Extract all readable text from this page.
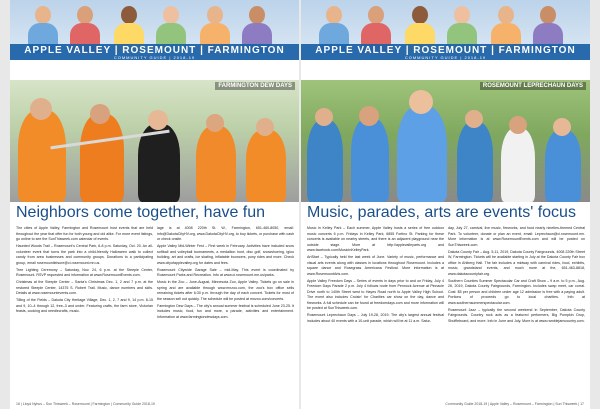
APPLE VALLEY | ROSEMOUNT | FARMINGTON
COMMUNITY GUIDE | 2018-19
FARMINGTON DEW DAYS
Neighbors come together, have fun

The cities of Apple Valley, Farmington and Rosemount host events that are held throughout the year that offer fun for both young and old alike. For more event listings, go online to see the SunThisweek.com calendar of events.

Haunted Woods Trail – Rosemount's Central Park, 6-8 p.m. Saturday, Oct. 20. An all-volunteer event that turns the park into a child-friendly Halloween walk to collect candy from area businesses and community groups. Donations to a participating group, email rosemountleisure@ci.rosemount.mn.us.

Tree Lighting Ceremony – Saturday, Nov. 24, 6 p.m. at the Steeple Center, Rosemount. RSVP requested and information at www.RosemountEvents.com.

Christmas at the Steeple Center – Santa's Christmas Dec. 1, 2 and 7 p.m. at the restored Steeple Center, 14375 S. Robert Trail. Music, dance numbers and skits. Details at www.rosemountevents.com.

Tilling of the Fields – Dakota City Heritage Village, Dec. 1, 2, 7 and 9, 14 p.m. 8-15 and 9, 10–4 through 12, free–3 and under. Featuring crafts, the farm store, Victorian feasts, cooking and needlecrafts, music.

lage is at 4008 220th St. W., Farmington, 651-460-8050, email: info@DakotaCityHV.org, www.DakotaCityHV.org, to buy tickets, or purchase with cash or check onsite.

Apple Valley Mid-Winter Fest – First week in February. Activities have included snow softball and volleyball tournaments, a medallion hunt, disc golf, snowshoeing, igloo building, art and crafts, ice skating, inflatable bouncers, pony rides and more. Check www.cityofapplevalley.org for dates and fees.

Rosemount Citywide Garage Sale – mid-May. This event is coordinated by Rosemount Parks and Recreation. Info at www.ci.rosemount.mn.us/parks.

Music in the Zoo – June-August, Minnesota Zoo, Apple Valley. Tickets go on sale in spring and are available through www.mnzoo.com, the zoo's box office sells remaining tickets after 6:30 p.m. through the day of each concert. Tickets for most of the season sell out quickly. The schedule will be posted at mnzoo.com/concerts.

Farmington Dew Days – The city's annual summer festival is scheduled June 23-25. It includes music, food, fun and more, a parade, activities and entertainment. Information at www.farmingtondewdays.com.

16 | Lloyd Nyhus – Sun Thisweek – Rosemount | Farmington | Community Guide 2018-19
APPLE VALLEY | ROSEMOUNT | FARMINGTON
COMMUNITY GUIDE | 2018-19
ROSEMOUNT LEPRECHAUN DAYS
Music, parades, arts are events' focus

Music in Kelley Park – Each summer, Apple Valley hosts a series of free outdoor music concerts 6 p.m. Fridays in Kelley Park, 6855 Fortino St. Parking for these concerts is available on nearby streets, and there is an adjacent playground near the outside stage. More at http://applevalleyarts.org and www.facebook.com/MusicInKelleyPark.

ArtStart – Typically held the last week of June. Variety of music, performance and visual arts events along with classes in locations throughout Rosemount. Includes a square dance and Rosegrass Americana Festival. More information is at www.RosemountArts.com.

Apple Valley Freedom Days – Series of events in days prior to and on Friday, July 4 Freedom Days Parade 2 p.m. July 4 follows route from Pennock Avenue at Pinnacle Drive north to 140th Street west to Hayes Road north to Apple Valley High School. The event also includes Cruisin' for Charities car show on the day, dance and fireworks. A full schedule can be found at freedomdays.com and more information will be posted at SunThisweek.com.

Rosemount Leprechaun Days – July 19-28, 2019. The city's largest annual festival includes about 40 events with a 10-unit parade, which will be at 11 a.m. Satur-

day, July 27, carnival, live music, fireworks, and food nearly nineties-themed Central Park. To volunteer, donate or plan an event, email: Leprechaun@ci.rosemount.mn. More information is at www.RosemountEvents.com and will be posted on SunThisweek.com.

Dakota County Fair – Aug. 5-11, 2019, Dakota County Fairgrounds, 4008 220th Street W, Farmington. Tickets will be available starting in July at the Dakota County Fair box office in Ahlberg Hall. The fair includes a midway with carnival rides, food, exhibits, music, grandstand events, and much more at the, 651-463-8818, www.dakotacountyfair.org.

Southern Counties Summer Spectacular Car and Craft Show – 9 a.m. to 5 p.m., Aug. 26, 2019, Dakota County Fairgrounds, Farmington. Includes swap meet, car corral. Cost: $5 per person and children under age 12 admission is free with a paying adult. Portions of proceeds go to local charities. Info at www.southernsummerspectacular.com.

Rosemount Jazz – typically the second weekend in September, Dakota County Fairgrounds. Country rock acts as a featured performers, Big Pumpkin Drop, Shuffleboard, and more. Info in June and July. More is at www.ramblejamcountry.com.

Community Guide 2018-19 | Apple Valley – Rosemount – Farmington | Sun Thisweek | 17
